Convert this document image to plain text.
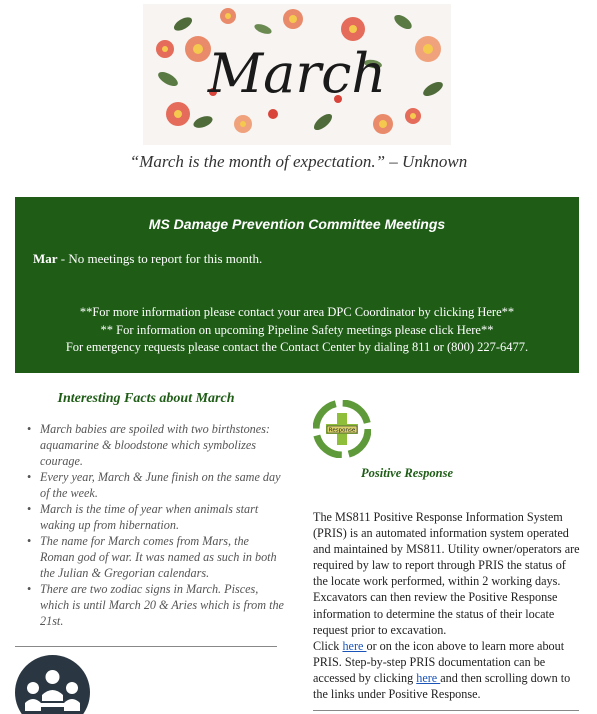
March
“March is the month of expectation.” – Unknown
MS Damage Prevention Committee Meetings
Mar - No meetings to report for this month.
**For more information please contact your area DPC Coordinator by clicking Here**
** For information on upcoming Pipeline Safety meetings please click Here**
For emergency requests please contact the Contact Center by dialing 811 or (800) 227-6477.
Interesting Facts about March
• March babies are spoiled with two birthstones: aquamarine & bloodstone which symbolizes courage.
• Every year, March & June finish on the same day of the week.
• March is the time of year when animals start waking up from hibernation.
• The name for March comes from Mars, the Roman god of war. It was named as such in both the Julian & Gregorian calendars.
• There are two zodiac signs in March. Pisces, which is until March 20 & Aries which is from the 21st.
Response
Positive Response

The MS811 Positive Response Information System (PRIS) is an automated information system operated and maintained by MS811. Utility owner/operators are required by law to report through PRIS the status of the locate work performed, within 2 working days. Excavators can then review the Positive Response information to determine the status of their locate request prior to excavation.

Click here or on the icon above to learn more about PRIS. Step-by-step PRIS documentation can be accessed by clicking here and then scrolling down to the links under Positive Response.
